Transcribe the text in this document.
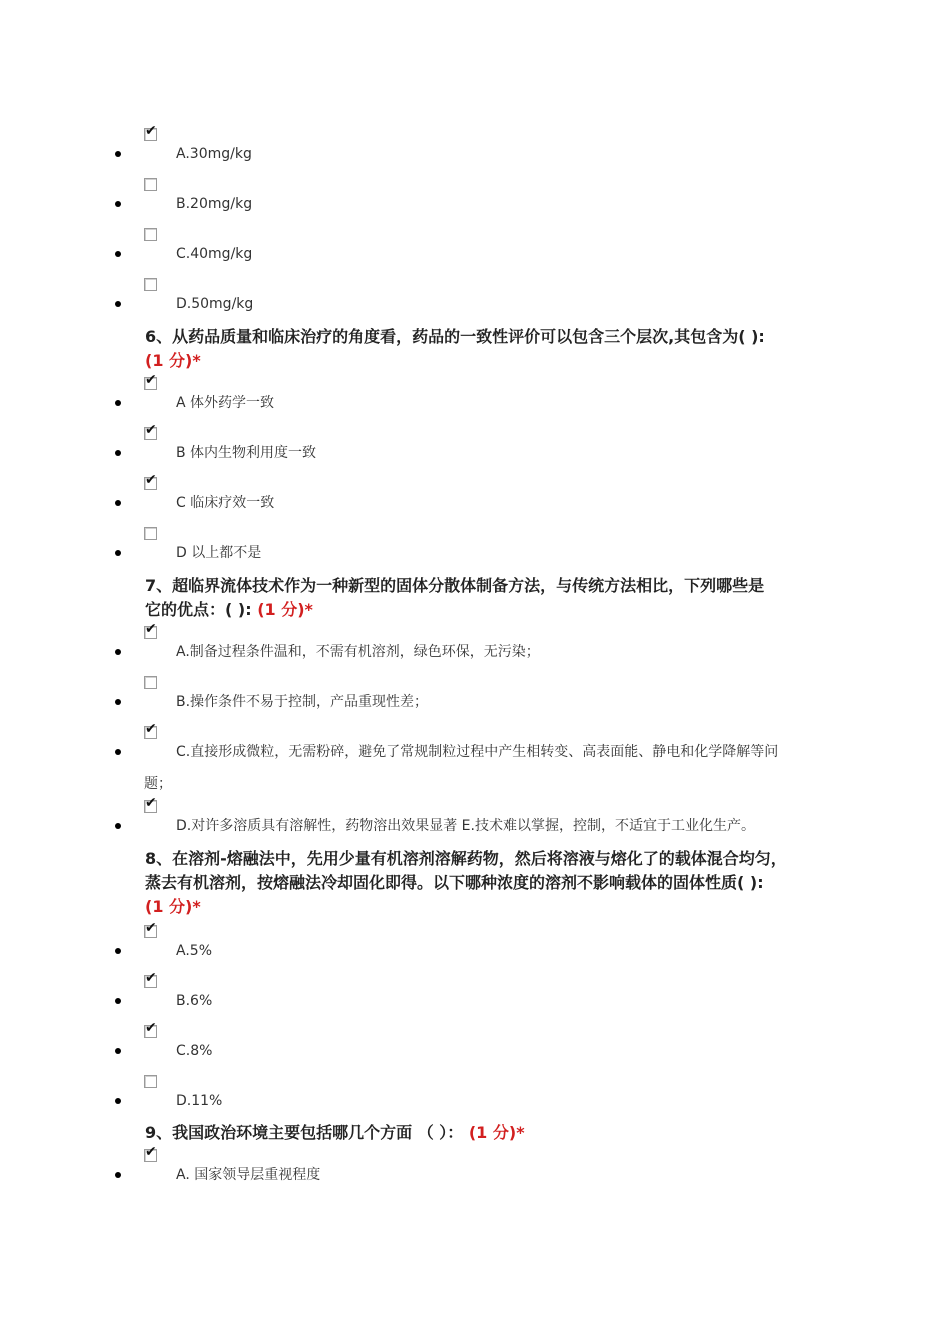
✔
A.30mg/kg
B.20mg/kg
C.40mg/kg
D.50mg/kg
6、从药品质量和临床治疗的角度看，药品的一致性评价可以包含三个层次,其包含为( ):
(1 分)*
✔
A 体外药学一致
✔
B 体内生物利用度一致
✔
C 临床疗效一致
D 以上都不是
7、超临界流体技术作为一种新型的固体分散体制备方法，与传统方法相比，下列哪些是
它的优点：( ): (1 分)*
✔
A.制备过程条件温和，不需有机溶剂，绿色环保，无污染；
B.操作条件不易于控制，产品重现性差；
✔
C.直接形成微粒，无需粉碎，避免了常规制粒过程中产生相转变、高表面能、静电和化学降解等问
题；
✔
D.对许多溶质具有溶解性，药物溶出效果显著 E.技术难以掌握，控制，不适宜于工业化生产。
8、在溶剂-熔融法中，先用少量有机溶剂溶解药物，然后将溶液与熔化了的载体混合均匀，
蒸去有机溶剂，按熔融法冷却固化即得。以下哪种浓度的溶剂不影响载体的固体性质( ):
(1 分)*
✔
A.5%
✔
B.6%
✔
C.8%
D.11%
9、我国政治环境主要包括哪几个方面 （ ）： (1 分)*
✔
A. 国家领导层重视程度
